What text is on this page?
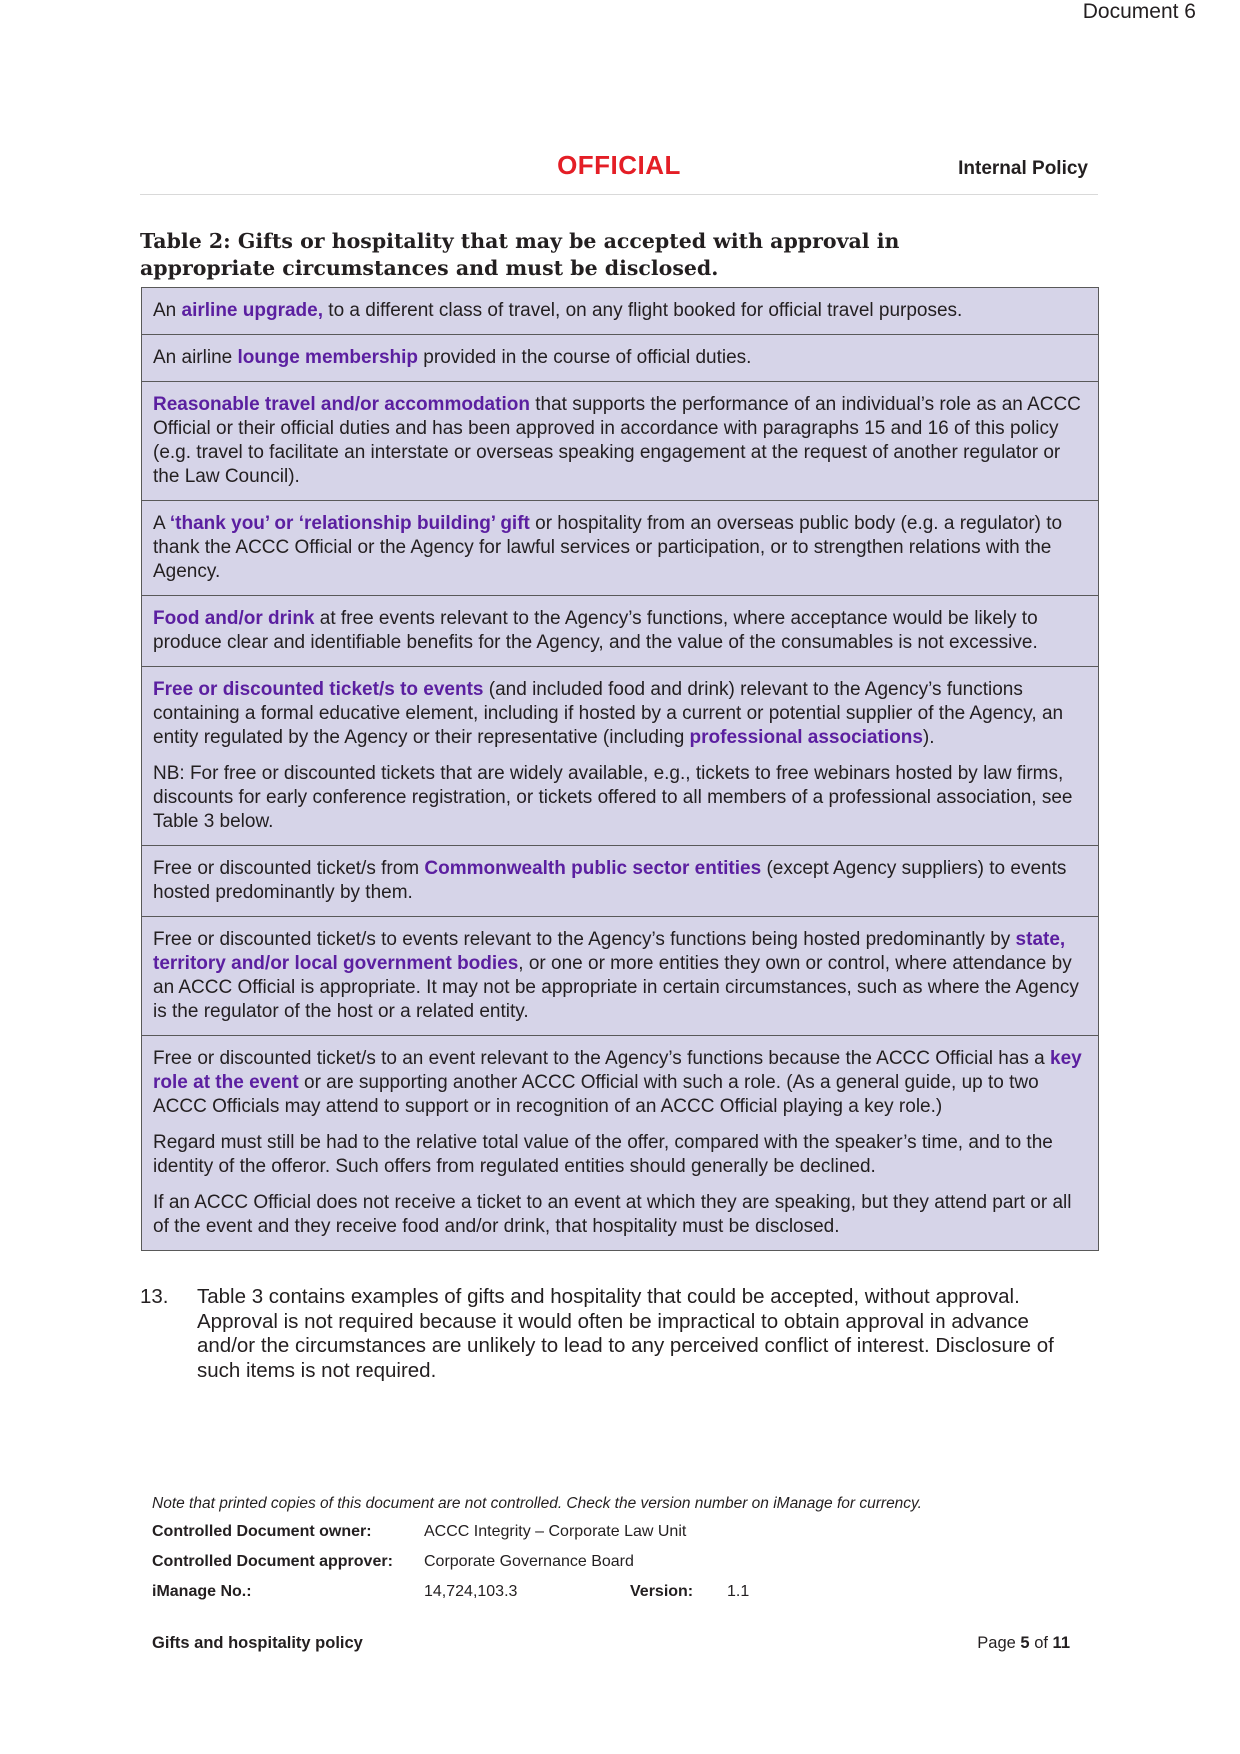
Document 6
OFFICIAL	Internal Policy
Table 2: Gifts or hospitality that may be accepted with approval in appropriate circumstances and must be disclosed.

An airline upgrade, to a different class of travel, on any flight booked for official travel purposes.

An airline lounge membership provided in the course of official duties.

Reasonable travel and/or accommodation that supports the performance of an individual’s role as an ACCC Official or their official duties and has been approved in accordance with paragraphs 15 and 16 of this policy (e.g. travel to facilitate an interstate or overseas speaking engagement at the request of another regulator or the Law Council).

A ‘thank you’ or ‘relationship building’ gift or hospitality from an overseas public body (e.g. a regulator) to thank the ACCC Official or the Agency for lawful services or participation, or to strengthen relations with the Agency.

Food and/or drink at free events relevant to the Agency’s functions, where acceptance would be likely to produce clear and identifiable benefits for the Agency, and the value of the consumables is not excessive.

Free or discounted ticket/s to events (and included food and drink) relevant to the Agency’s functions containing a formal educative element, including if hosted by a current or potential supplier of the Agency, an entity regulated by the Agency or their representative (including professional associations).

NB: For free or discounted tickets that are widely available, e.g., tickets to free webinars hosted by law firms, discounts for early conference registration, or tickets offered to all members of a professional association, see Table 3 below.

Free or discounted ticket/s from Commonwealth public sector entities (except Agency suppliers) to events hosted predominantly by them.

Free or discounted ticket/s to events relevant to the Agency’s functions being hosted predominantly by state, territory and/or local government bodies, or one or more entities they own or control, where attendance by an ACCC Official is appropriate. It may not be appropriate in certain circumstances, such as where the Agency is the regulator of the host or a related entity.

Free or discounted ticket/s to an event relevant to the Agency’s functions because the ACCC Official has a key role at the event or are supporting another ACCC Official with such a role. (As a general guide, up to two ACCC Officials may attend to support or in recognition of an ACCC Official playing a key role.)

Regard must still be had to the relative total value of the offer, compared with the speaker’s time, and to the identity of the offeror. Such offers from regulated entities should generally be declined.

If an ACCC Official does not receive a ticket to an event at which they are speaking, but they attend part or all of the event and they receive food and/or drink, that hospitality must be disclosed.

13. Table 3 contains examples of gifts and hospitality that could be accepted, without approval. Approval is not required because it would often be impractical to obtain approval in advance and/or the circumstances are unlikely to lead to any perceived conflict of interest. Disclosure of such items is not required.
Note that printed copies of this document are not controlled. Check the version number on iManage for currency.
Controlled Document owner:	ACCC Integrity – Corporate Law Unit
Controlled Document approver: Corporate Governance Board
iManage No.:	14,724,103.3	Version: 1.1
Gifts and hospitality policy	Page 5 of 11
